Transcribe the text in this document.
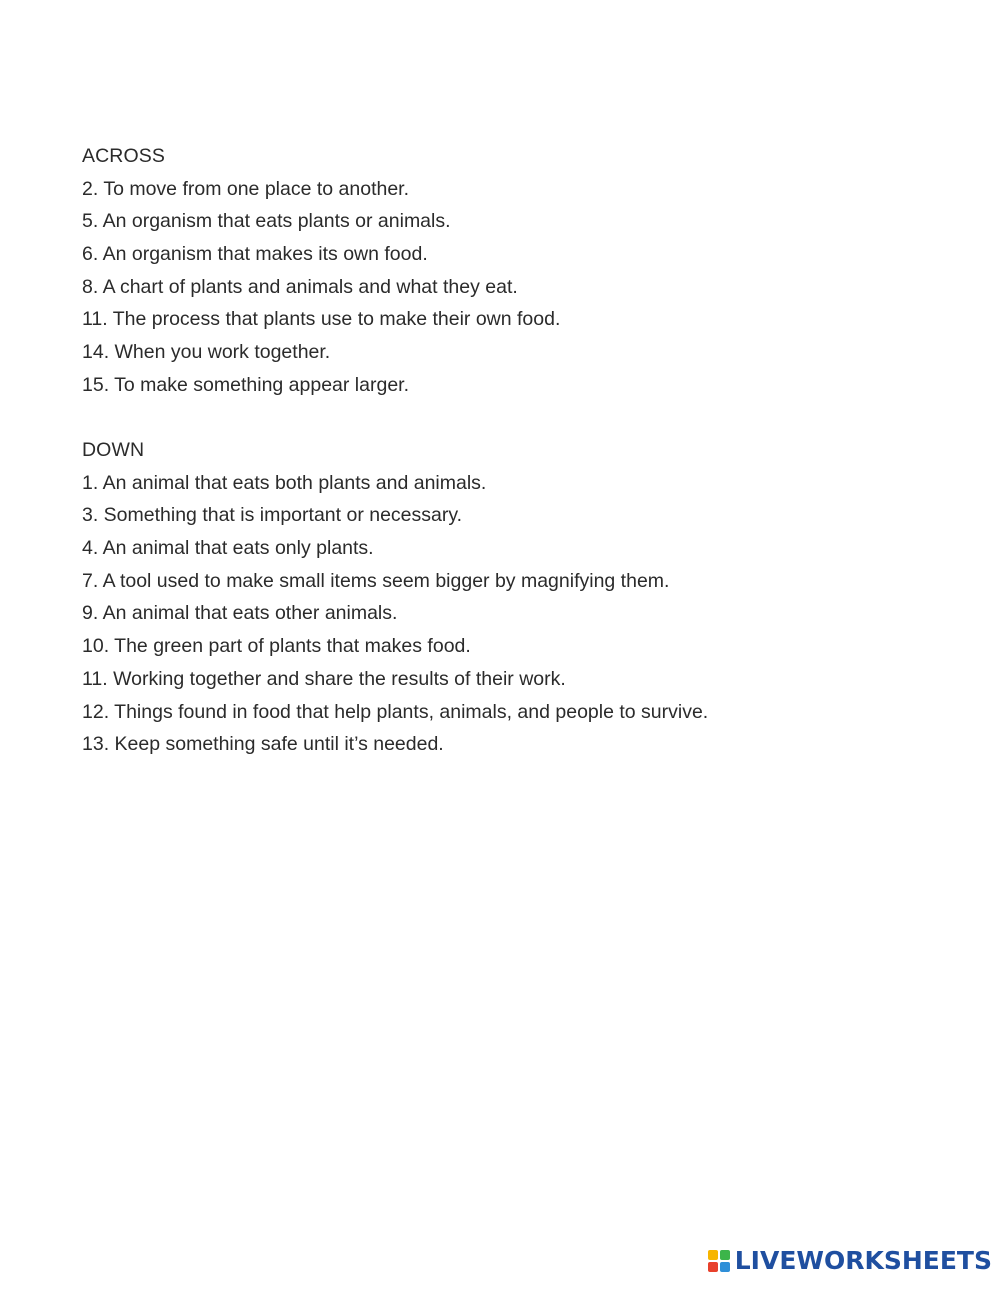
ACROSS
2. To move from one place to another.
5. An organism that eats plants or animals.
6. An organism that makes its own food.
8. A chart of plants and animals and what they eat.
11. The process that plants use to make their own food.
14. When you work together.
15. To make something appear larger.
DOWN
1. An animal that eats both plants and animals.
3. Something that is important or necessary.
4. An animal that eats only plants.
7. A tool used to make small items seem bigger by magnifying them.
9. An animal that eats other animals.
10. The green part of plants that makes food.
11. Working together and share the results of their work.
12. Things found in food that help plants, animals, and people to survive.
13. Keep something safe until it’s needed.
LIVEWORKSHEETS
